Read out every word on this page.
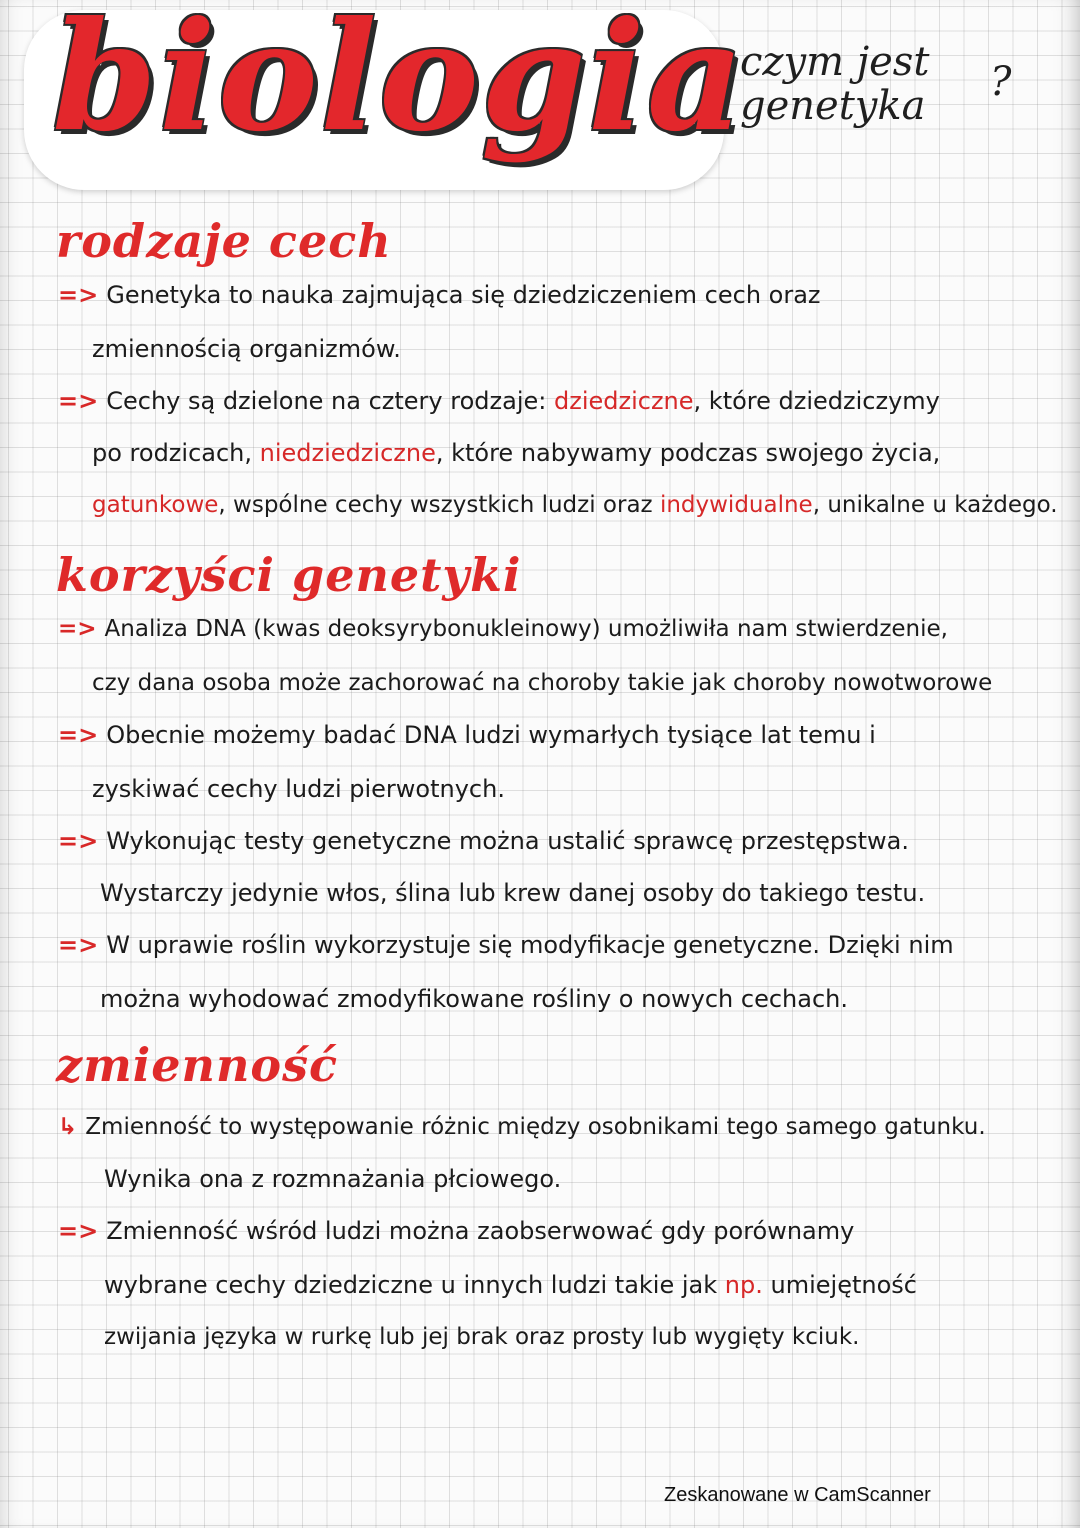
biologia
czym jest
genetyka
?
rodzaje cech
=> Genetyka to nauka zajmująca się dziedziczeniem cech oraz
zmiennością organizmów.
=> Cechy są dzielone na cztery rodzaje: dziedziczne, które dziedziczymy
po rodzicach, niedziedziczne, które nabywamy podczas swojego życia,
gatunkowe, wspólne cechy wszystkich ludzi oraz indywidualne, unikalne u każdego.
korzyści genetyki
=> Analiza DNA (kwas deoksyrybonukleinowy) umożliwiła nam stwierdzenie,
czy dana osoba może zachorować na choroby takie jak choroby nowotworowe
=> Obecnie możemy badać DNA ludzi wymarłych tysiące lat temu i
zyskiwać cechy ludzi pierwotnych.
=> Wykonując testy genetyczne można ustalić sprawcę przestępstwa.
Wystarczy jedynie włos, ślina lub krew danej osoby do takiego testu.
=> W uprawie roślin wykorzystuje się modyfikacje genetyczne. Dzięki nim
można wyhodować zmodyfikowane rośliny o nowych cechach.
zmienność
↳ Zmienność to występowanie różnic między osobnikami tego samego gatunku.
Wynika ona z rozmnażania płciowego.
=> Zmienność wśród ludzi można zaobserwować gdy porównamy
wybrane cechy dziedziczne u innych ludzi takie jak np. umiejętność
zwijania języka w rurkę lub jej brak oraz prosty lub wygięty kciuk.
Zeskanowane w CamScanner
